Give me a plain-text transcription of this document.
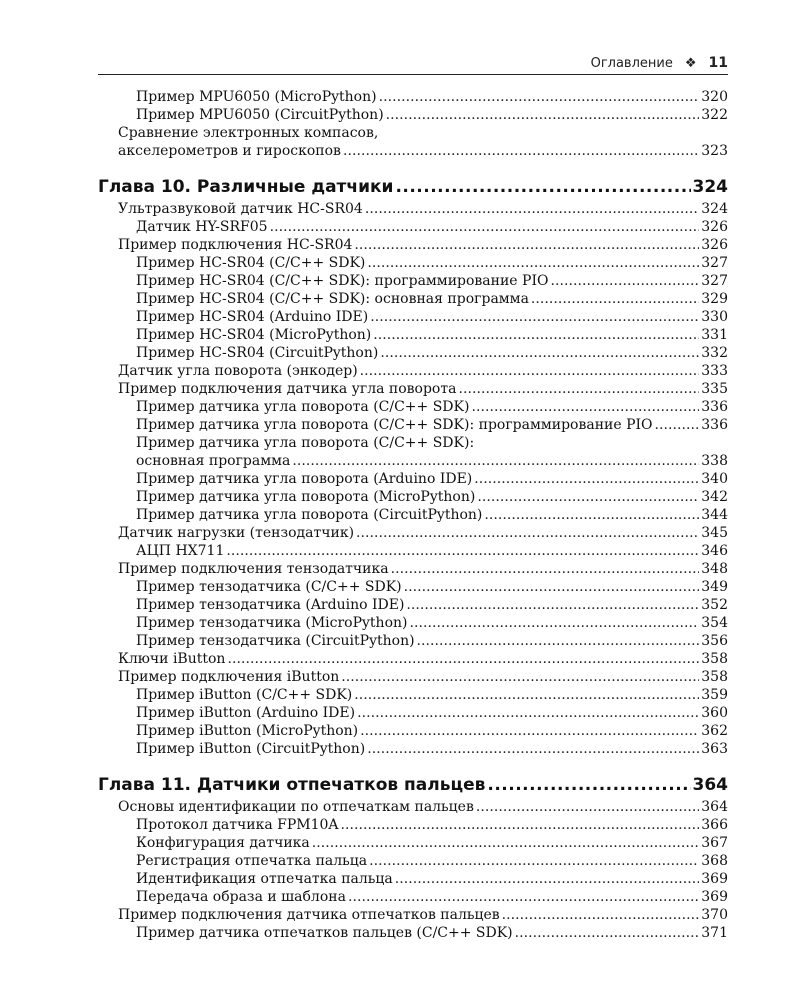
Оглавление ❖ 11
Пример MPU6050 (MicroPython) . . .	320
Пример MPU6050 (CircuitPython) . . .	322
Сравнение электронных компасов,
акселерометров и гироскопов . . .	323
Глава 10. Различные датчики .....	324
Ультразвуковой датчик HC-SR04 . . .	324
Датчик HY-SRF05 . . .	326
Пример подключения HC-SR04 . . .	326
Пример HC-SR04 (C/C++ SDK) . . .	327
Пример HC-SR04 (C/C++ SDK): программирование PIO . . .	327
Пример HC-SR04 (C/C++ SDK): основная программа . . .	329
Пример HC-SR04 (Arduino IDE) . . .	330
Пример HC-SR04 (MicroPython) . . .	331
Пример HC-SR04 (CircuitPython) . . .	332
Датчик угла поворота (энкодер) . . .	333
Пример подключения датчика угла поворота . . .	335
Пример датчика угла поворота (C/C++ SDK) . . .	336
Пример датчика угла поворота (C/C++ SDK): программирование PIO . . .	336
Пример датчика угла поворота (C/C++ SDK):
основная программа . . .	338
Пример датчика угла поворота (Arduino IDE) . . .	340
Пример датчика угла поворота (MicroPython) . . .	342
Пример датчика угла поворота (CircuitPython) . . .	344
Датчик нагрузки (тензодатчик) . . .	345
АЦП HX711 . . .	346
Пример подключения тензодатчика . . .	348
Пример тензодатчика (C/C++ SDK) . . .	349
Пример тензодатчика (Arduino IDE) . . .	352
Пример тензодатчика (MicroPython) . . .	354
Пример тензодатчика (CircuitPython) . . .	356
Ключи iButton . . .	358
Пример подключения iButton . . .	358
Пример iButton (C/C++ SDK) . . .	359
Пример iButton (Arduino IDE) . . .	360
Пример iButton (MicroPython) . . .	362
Пример iButton (CircuitPython) . . .	363
Глава 11. Датчики отпечатков пальцев .....	364
Основы идентификации по отпечаткам пальцев . . .	364
Протокол датчика FPM10A . . .	366
Конфигурация датчика . . .	367
Регистрация отпечатка пальца . . .	368
Идентификация отпечатка пальца . . .	369
Передача образа и шаблона . . .	369
Пример подключения датчика отпечатков пальцев . . .	370
Пример датчика отпечатков пальцев (C/C++ SDK) . . .	371
